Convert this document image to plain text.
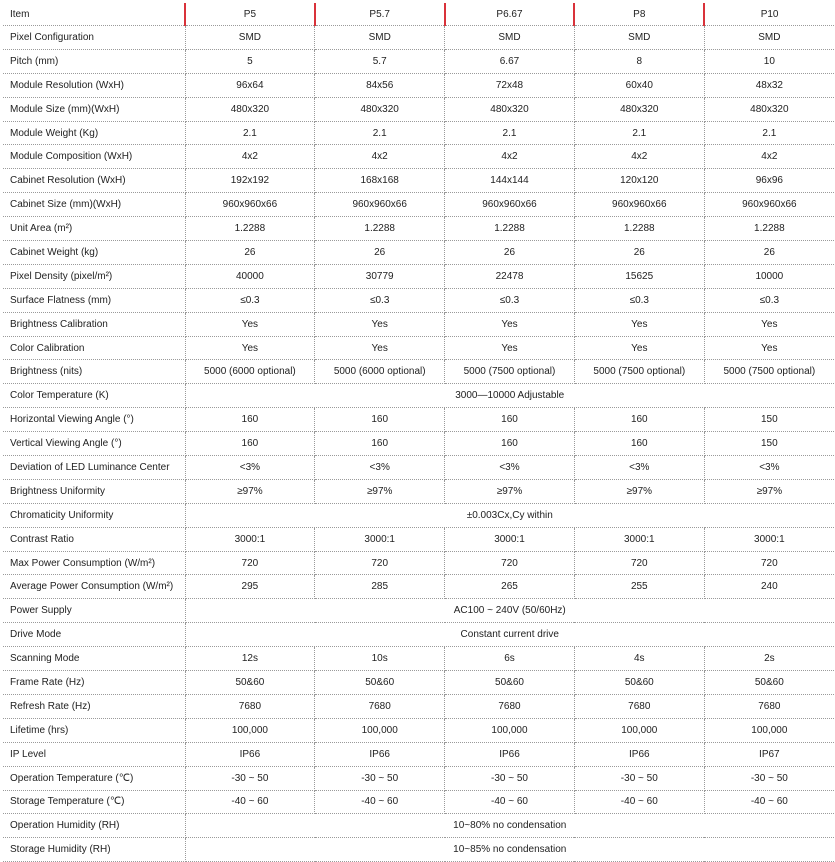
Item	P5	P5.7	P6.67	P8	P10
Pixel Configuration	SMD	SMD	SMD	SMD	SMD
Pitch (mm)	5	5.7	6.67	8	10
Module Resolution (WxH)	96x64	84x56	72x48	60x40	48x32
Module Size (mm)(WxH)	480x320	480x320	480x320	480x320	480x320
Module Weight (Kg)	2.1	2.1	2.1	2.1	2.1
Module Composition (WxH)	4x2	4x2	4x2	4x2	4x2
Cabinet Resolution (WxH)	192x192	168x168	144x144	120x120	96x96
Cabinet Size (mm)(WxH)	960x960x66	960x960x66	960x960x66	960x960x66	960x960x66
Unit Area (m²)	1.2288	1.2288	1.2288	1.2288	1.2288
Cabinet Weight (kg)	26	26	26	26	26
Pixel Density (pixel/m²)	40000	30779	22478	15625	10000
Surface Flatness (mm)	≤0.3	≤0.3	≤0.3	≤0.3	≤0.3
Brightness Calibration	Yes	Yes	Yes	Yes	Yes
Color Calibration	Yes	Yes	Yes	Yes	Yes
Brightness (nits)	5000 (6000 optional)	5000 (6000 optional)	5000 (7500 optional)	5000 (7500 optional)	5000 (7500 optional)
Color Temperature (K)	3000—10000 Adjustable				
Horizontal Viewing Angle (°)	160	160	160	160	150
Vertical Viewing Angle (°)	160	160	160	160	150
Deviation of LED Luminance Center	<3%	<3%	<3%	<3%	<3%
Brightness Uniformity	≥97%	≥97%	≥97%	≥97%	≥97%
Chromaticity Uniformity	±0.003Cx,Cy within				
Contrast Ratio	3000:1	3000:1	3000:1	3000:1	3000:1
Max Power Consumption (W/m²)	720	720	720	720	720
Average Power Consumption (W/m²)	295	285	265	255	240
Power Supply	AC100 ~ 240V (50/60Hz)				
Drive Mode	Constant current drive				
Scanning Mode	12s	10s	6s	4s	2s
Frame Rate (Hz)	50&60	50&60	50&60	50&60	50&60
Refresh Rate (Hz)	7680	7680	7680	7680	7680
Lifetime (hrs)	100,000	100,000	100,000	100,000	100,000
IP Level	IP66	IP66	IP66	IP66	IP67
Operation Temperature (℃)	-30 ~ 50	-30 ~ 50	-30 ~ 50	-30 ~ 50	-30 ~ 50
Storage Temperature (℃)	-40 ~ 60	-40 ~ 60	-40 ~ 60	-40 ~ 60	-40 ~ 60
Operation Humidity (RH)	10~80% no condensation				
Storage Humidity (RH)	10~85% no condensation				
